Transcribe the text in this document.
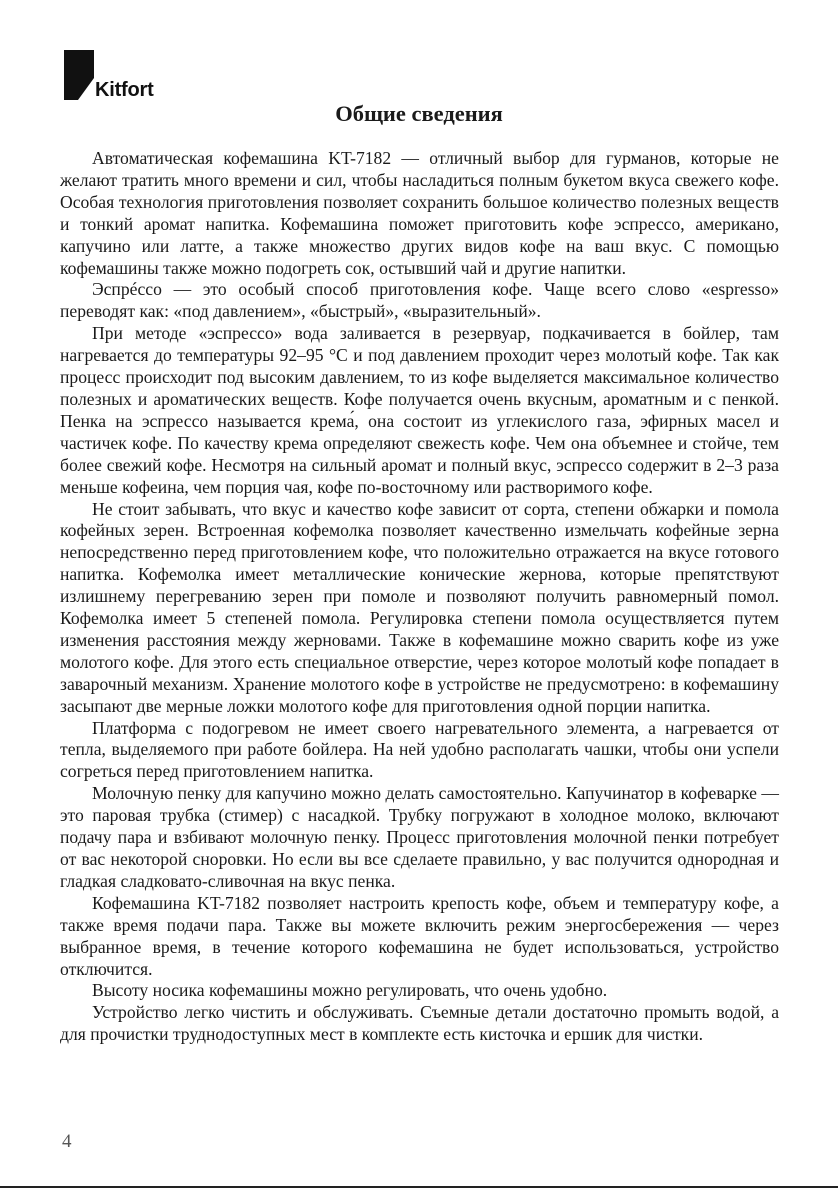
Kitfort
Общие сведения

Автоматическая кофемашина KT-7182 — отличный выбор для гурманов, которые не желают тратить много времени и сил, чтобы насладиться полным букетом вкуса свежего кофе. Особая технология приготовления позволяет сохранить большое количество полезных веществ и тонкий аромат напитка. Кофемашина поможет приготовить кофе эспрессо, американо, капучино или латте, а также множество других видов кофе на ваш вкус. С помощью кофемашины также можно подогреть сок, остывший чай и другие напитки.

Эспрéссо — это особый способ приготовления кофе. Чаще всего слово «espresso» переводят как: «под давлением», «быстрый», «выразительный».

При методе «эспрессо» вода заливается в резервуар, подкачивается в бойлер, там нагревается до температуры 92–95 °C и под давлением проходит через молотый кофе. Так как процесс происходит под высоким давлением, то из кофе выделяется максимальное количество полезных и ароматических веществ. Кофе получается очень вкусным, ароматным и с пенкой. Пенка на эспрессо называется крема́, она состоит из углекислого газа, эфирных масел и частичек кофе. По качеству крема определяют свежесть кофе. Чем она объемнее и стойче, тем более свежий кофе. Несмотря на сильный аромат и полный вкус, эспрессо содержит в 2–3 раза меньше кофеина, чем порция чая, кофе по-восточному или растворимого кофе.

Не стоит забывать, что вкус и качество кофе зависит от сорта, степени обжарки и помола кофейных зерен. Встроенная кофемолка позволяет качественно измельчать кофейные зерна непосредственно перед приготовлением кофе, что положительно отражается на вкусе готового напитка. Кофемолка имеет металлические конические жернова, которые препятствуют излишнему перегреванию зерен при помоле и позволяют получить равномерный помол. Кофемолка имеет 5 степеней помола. Регулировка степени помола осуществляется путем изменения расстояния между жерновами. Также в кофемашине можно сварить кофе из уже молотого кофе. Для этого есть специальное отверстие, через которое молотый кофе попадает в заварочный механизм. Хранение молотого кофе в устройстве не предусмотрено: в кофемашину засыпают две мерные ложки молотого кофе для приготовления одной порции напитка.

Платформа с подогревом не имеет своего нагревательного элемента, а нагревается от тепла, выделяемого при работе бойлера. На ней удобно располагать чашки, чтобы они успели согреться перед приготовлением напитка.

Молочную пенку для капучино можно делать самостоятельно. Капучинатор в кофеварке — это паровая трубка (стимер) с насадкой. Трубку погружают в холодное молоко, включают подачу пара и взбивают молочную пенку. Процесс приготовления молочной пенки потребует от вас некоторой сноровки. Но если вы все сделаете правильно, у вас получится однородная и гладкая сладковато-сливочная на вкус пенка.

Кофемашина KT-7182 позволяет настроить крепость кофе, объем и температуру кофе, а также время подачи пара. Также вы можете включить режим энергосбережения — через выбранное время, в течение которого кофемашина не будет использоваться, устройство отключится.

Высоту носика кофемашины можно регулировать, что очень удобно.

Устройство легко чистить и обслуживать. Съемные детали достаточно промыть водой, а для прочистки труднодоступных мест в комплекте есть кисточка и ершик для чистки.

4
